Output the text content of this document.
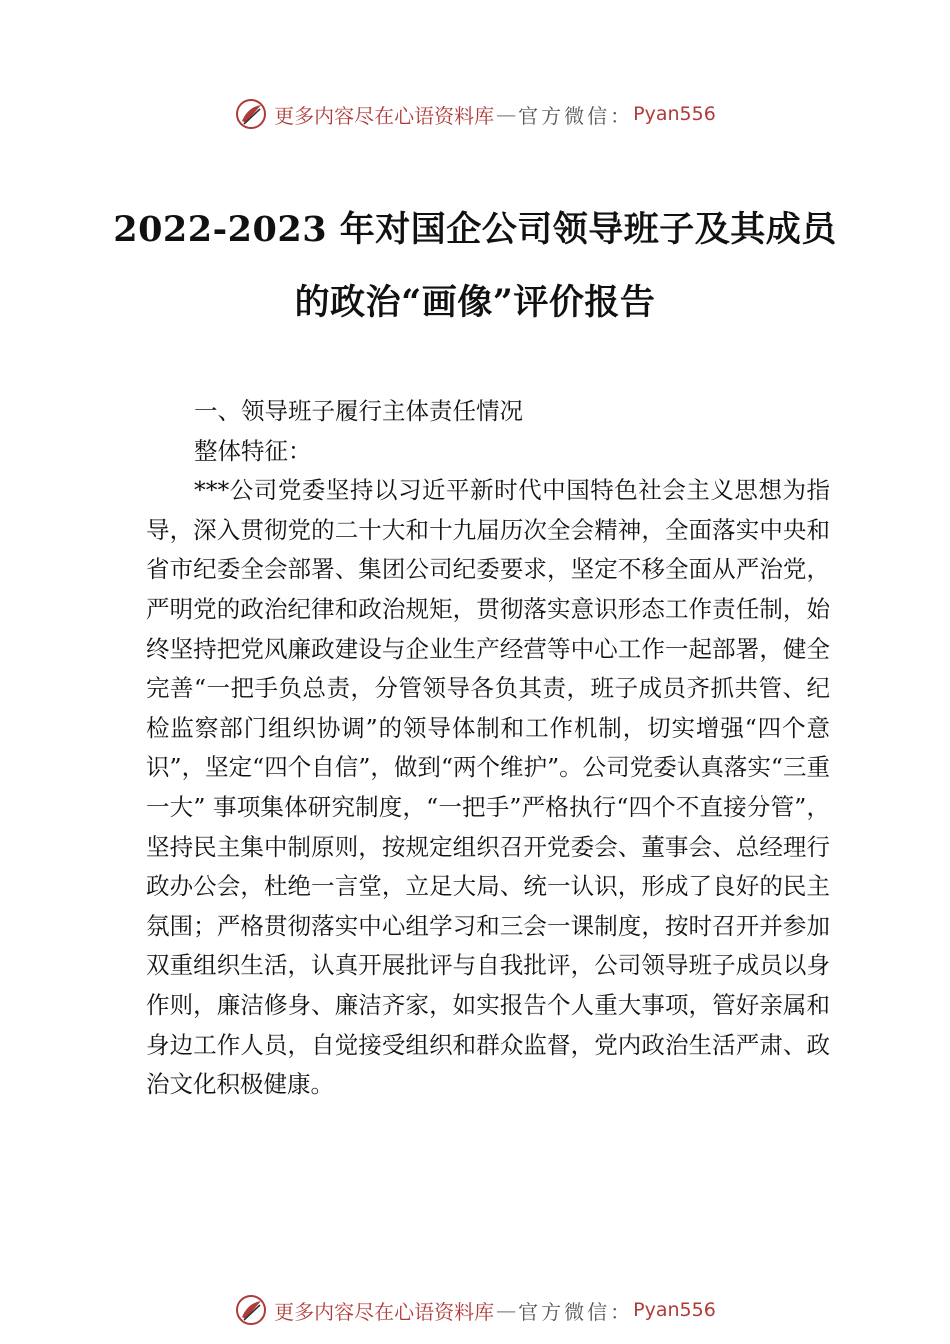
更多内容尽在心语资料库 — 官方微信： Pyan556
2022-2023 年对国企公司领导班子及其成员
的政治“画像”评价报告

一、领导班子履行主体责任情况

整体特征：

***公司党委坚持以习近平新时代中国特色社会主义思想为指导，深入贯彻党的二十大和十九届历次全会精神，全面落实中央和省市纪委全会部署、集团公司纪委要求，坚定不移全面从严治党，严明党的政治纪律和政治规矩，贯彻落实意识形态工作责任制，始终坚持把党风廉政建设与企业生产经营等中心工作一起部署，健全完善“一把手负总责，分管领导各负其责，班子成员齐抓共管、纪检监察部门组织协调”的领导体制和工作机制，切实增强“四个意识”，坚定“四个自信”，做到“两个维护”。公司党委认真落实“三重一大” 事项集体研究制度，“一把手”严格执行“四个不直接分管”，坚持民主集中制原则，按规定组织召开党委会、董事会、总经理行政办公会，杜绝一言堂，立足大局、统一认识，形成了良好的民主氛围；严格贯彻落实中心组学习和三会一课制度，按时召开并参加双重组织生活，认真开展批评与自我批评，公司领导班子成员以身作则，廉洁修身、廉洁齐家，如实报告个人重大事项，管好亲属和身边工作人员，自觉接受组织和群众监督，党内政治生活严肃、政治文化积极健康。

更多内容尽在心语资料库 — 官方微信： Pyan556
